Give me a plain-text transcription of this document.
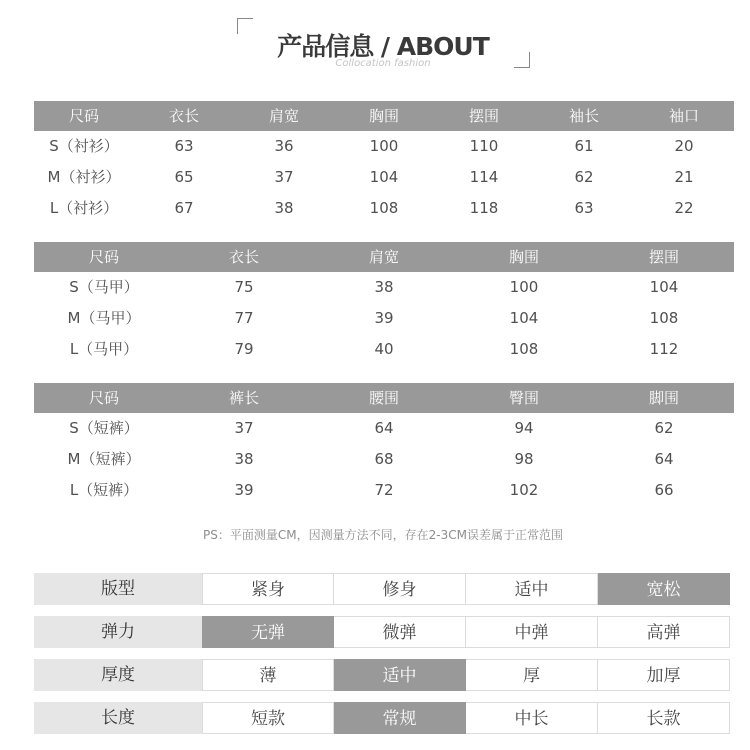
产品信息 / ABOUT
Collocation fashion
尺码	衣长	肩宽	胸围	摆围	袖长	袖口
S（衬衫）	63	36	100	110	61	20
M（衬衫）	65	37	104	114	62	21
L（衬衫）	67	38	108	118	63	22
尺码	衣长	肩宽	胸围	摆围
S（马甲）	75	38	100	104
M（马甲）	77	39	104	108
L（马甲）	79	40	108	112
尺码	裤长	腰围	臀围	脚围
S（短裤）	37	64	94	62
M（短裤）	38	68	98	64
L（短裤）	39	72	102	66
PS：平面测量CM，因测量方法不同，存在2-3CM误差属于正常范围
版型	紧身	修身	适中	宽松
弹力	无弹	微弹	中弹	高弹
厚度	薄	适中	厚	加厚
长度	短款	常规	中长	长款
